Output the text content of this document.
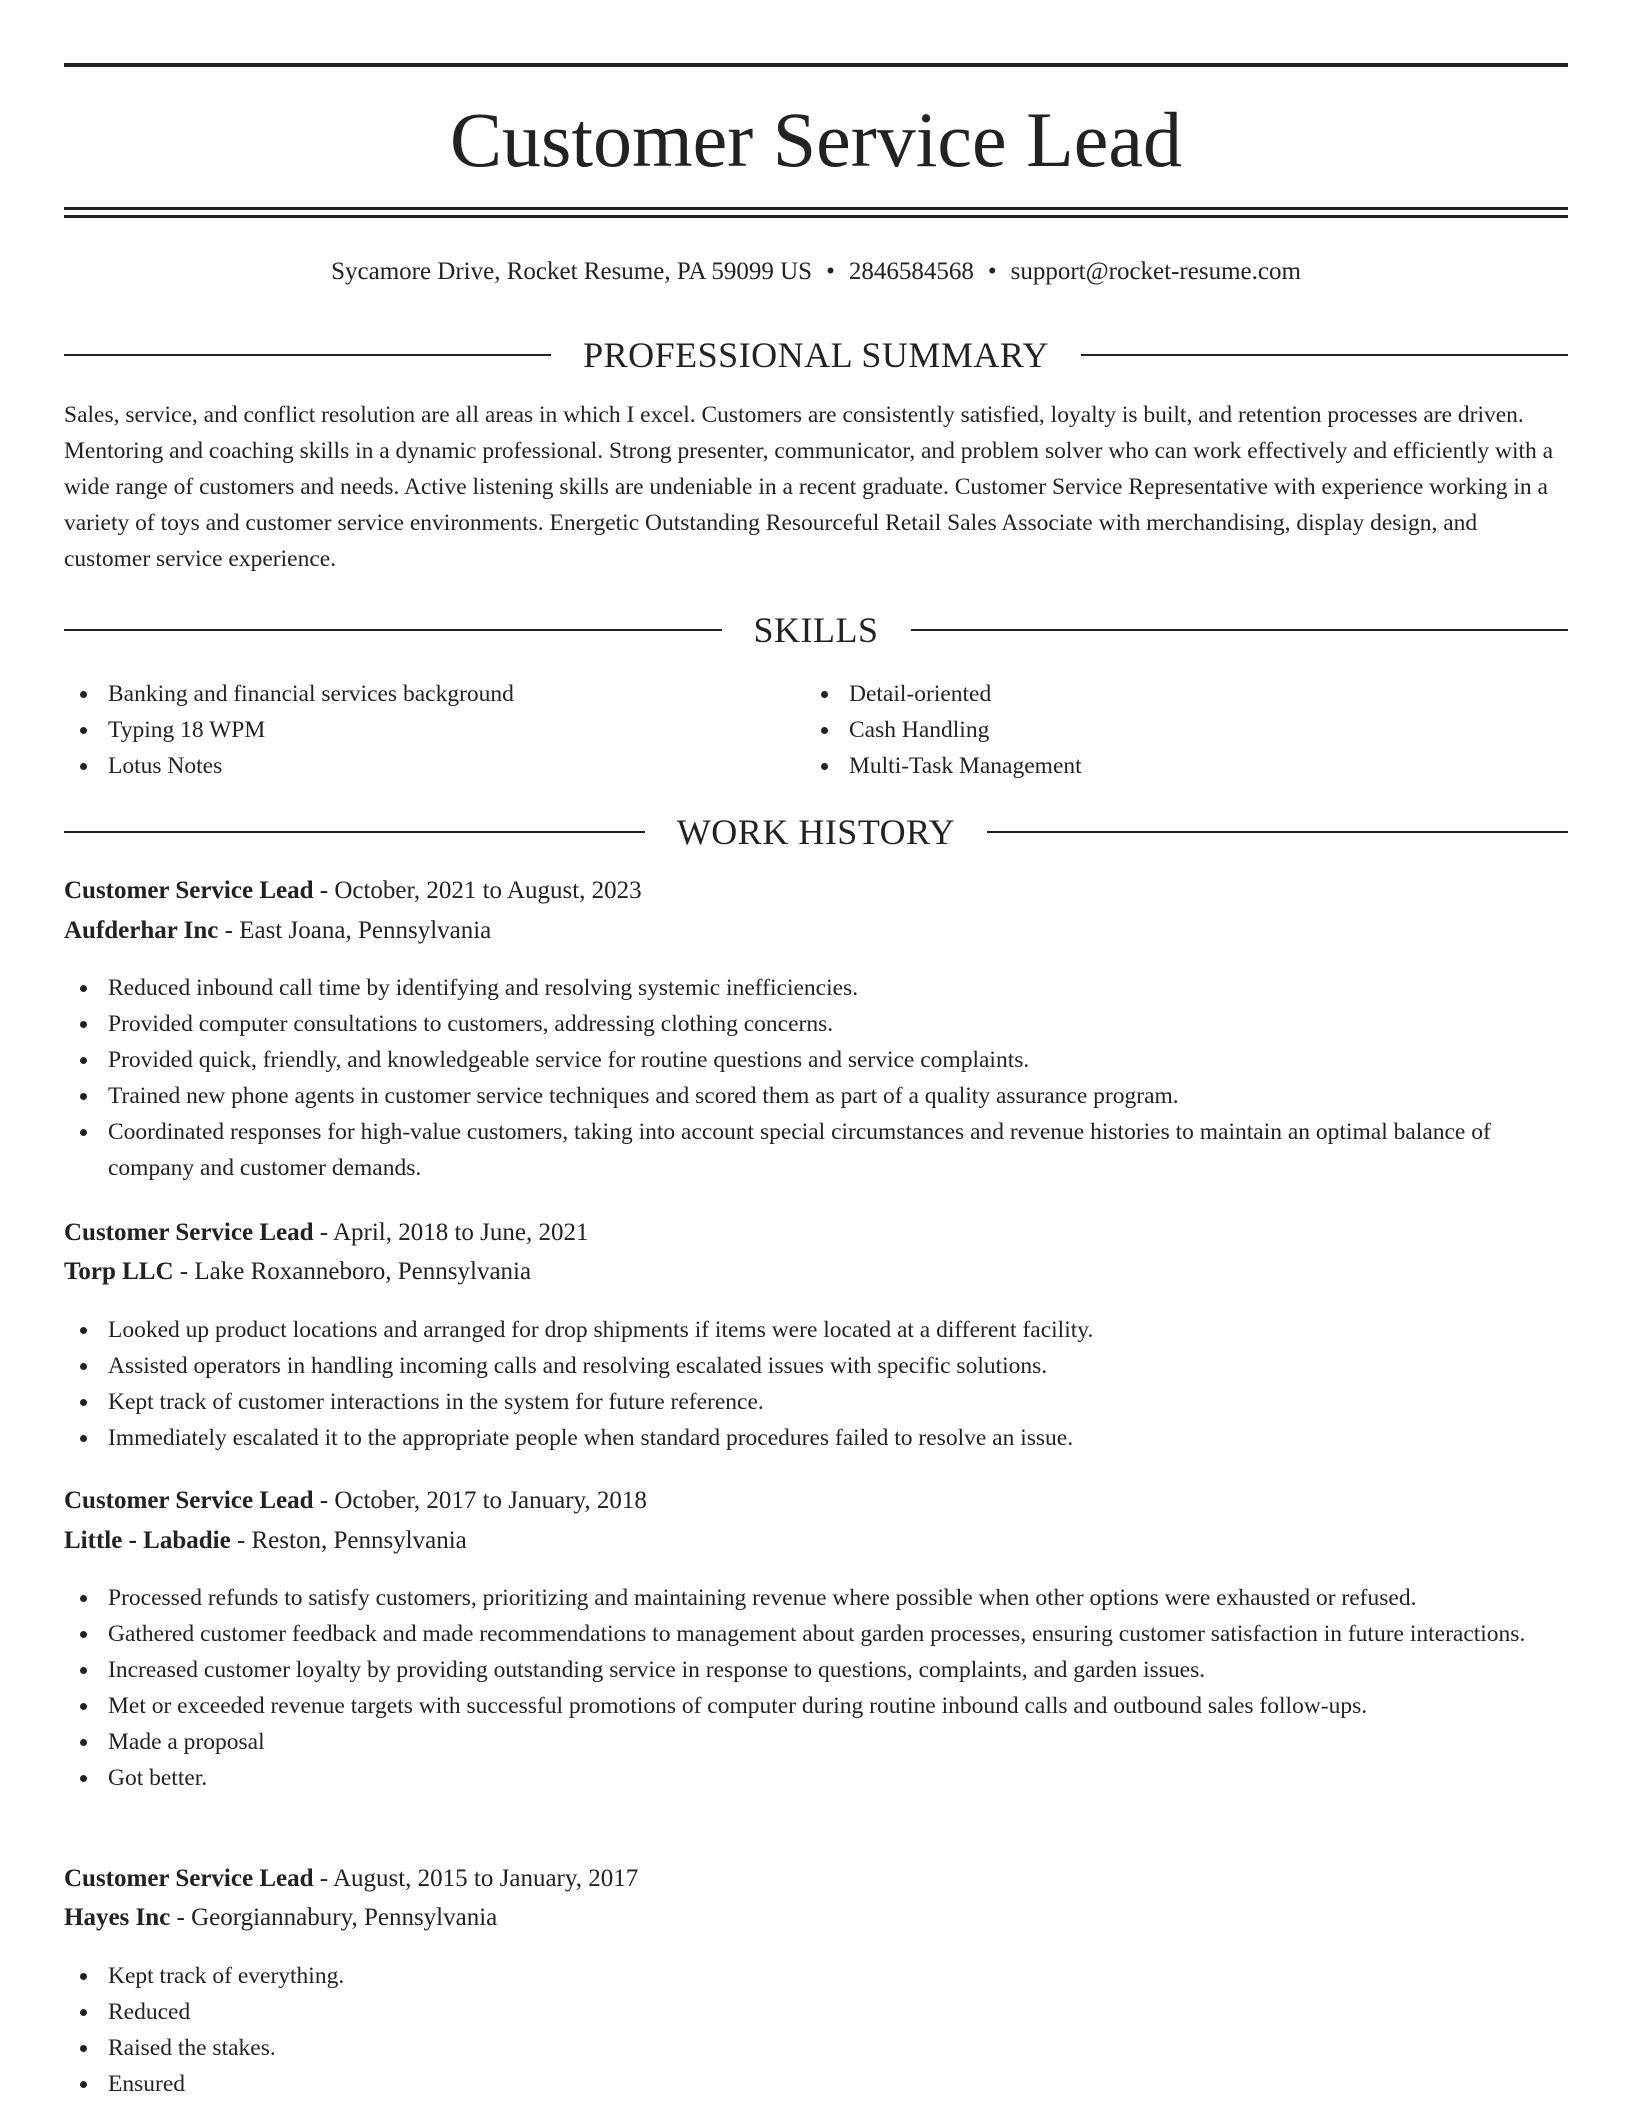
Customer Service Lead
Sycamore Drive, Rocket Resume, PA 59099 US • 2846584568 • support@rocket-resume.com
PROFESSIONAL SUMMARY

Sales, service, and conflict resolution are all areas in which I excel. Customers are consistently satisfied, loyalty is built, and retention processes are driven. Mentoring and coaching skills in a dynamic professional. Strong presenter, communicator, and problem solver who can work effectively and efficiently with a wide range of customers and needs. Active listening skills are undeniable in a recent graduate. Customer Service Representative with experience working in a variety of toys and customer service environments. Energetic Outstanding Resourceful Retail Sales Associate with merchandising, display design, and customer service experience.

SKILLS
Banking and financial services background
Typing 18 WPM
Lotus Notes
Detail-oriented
Cash Handling
Multi-Task Management
WORK HISTORY
Customer Service Lead - October, 2021 to August, 2023
Aufderhar Inc - East Joana, Pennsylvania
Reduced inbound call time by identifying and resolving systemic inefficiencies.
Provided computer consultations to customers, addressing clothing concerns.
Provided quick, friendly, and knowledgeable service for routine questions and service complaints.
Trained new phone agents in customer service techniques and scored them as part of a quality assurance program.
Coordinated responses for high-value customers, taking into account special circumstances and revenue histories to maintain an optimal balance of company and customer demands.
Customer Service Lead - April, 2018 to June, 2021
Torp LLC - Lake Roxanneboro, Pennsylvania
Looked up product locations and arranged for drop shipments if items were located at a different facility.
Assisted operators in handling incoming calls and resolving escalated issues with specific solutions.
Kept track of customer interactions in the system for future reference.
Immediately escalated it to the appropriate people when standard procedures failed to resolve an issue.
Customer Service Lead - October, 2017 to January, 2018
Little - Labadie - Reston, Pennsylvania
Processed refunds to satisfy customers, prioritizing and maintaining revenue where possible when other options were exhausted or refused.
Gathered customer feedback and made recommendations to management about garden processes, ensuring customer satisfaction in future interactions.
Increased customer loyalty by providing outstanding service in response to questions, complaints, and garden issues.
Met or exceeded revenue targets with successful promotions of computer during routine inbound calls and outbound sales follow-ups.
Made a proposal
Got better.
Customer Service Lead - August, 2015 to January, 2017
Hayes Inc - Georgiannabury, Pennsylvania
Kept track of everything.
Reduced
Raised the stakes.
Ensured
